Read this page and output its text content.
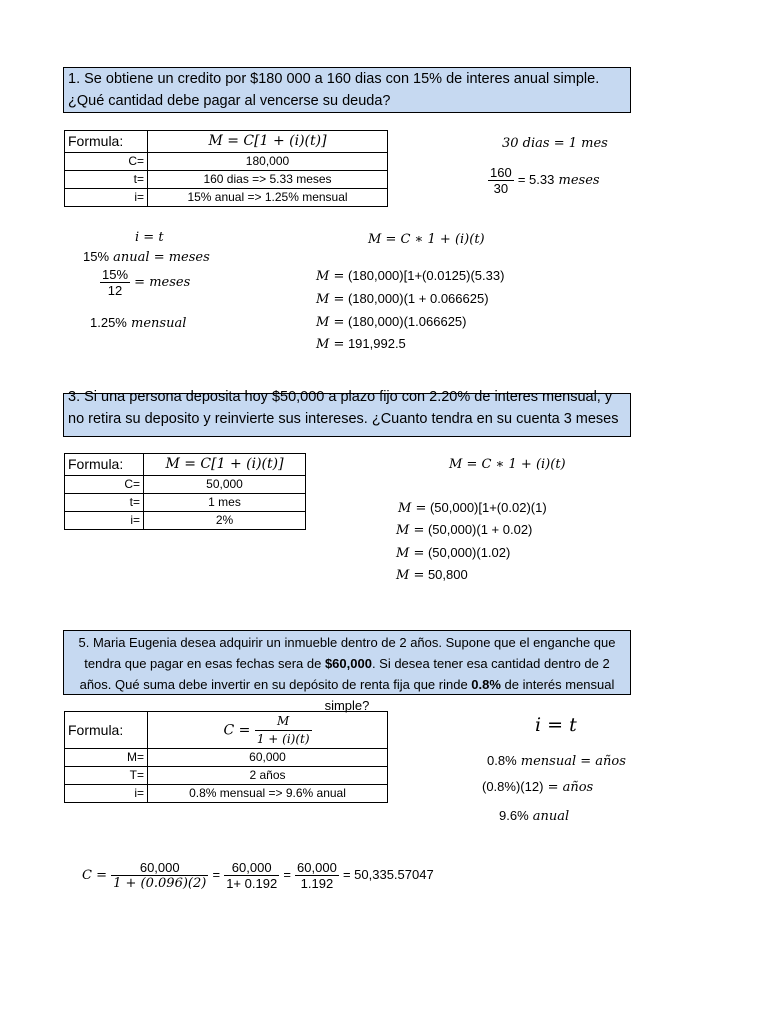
1. Se obtiene un credito por $180 000 a 160 dias con 15% de interes anual simple. ¿Qué cantidad debe pagar al vencerse su deuda?
Formula:	M = C[1 + (i)(t)]
C=	180,000
t=	160 dias => 5.33 meses
i=	15% anual => 1.25% mensual
30 dias = 1 mes
$\frac{160}{30} = 5.33$ meses
i = t
15% anual = meses
$\frac{15\%}{12}$ = meses
1.25% mensual
M = C ∗ 1 + (i)(t)
M = (180,000)[1+(0.0125)(5.33)
M = (180,000)(1 + 0.066625)
M = (180,000)(1.066625)
M = 191,992.5
3. Si una persona deposita hoy $50,000 a plazo fijo con 2.20% de interes mensual, y no retira su deposito y reinvierte sus intereses. ¿Cuanto tendra en su cuenta 3 meses
Formula:	M = C[1 + (i)(t)]
C=	50,000
t=	1 mes
i=	2%
M = C ∗ 1 + (i)(t)
M = (50,000)[1+(0.02)(1)
M = (50,000)(1 + 0.02)
M = (50,000)(1.02)
M = 50,800
5. Maria Eugenia desea adquirir un inmueble dentro de 2 años. Supone que el enganche que tendra que pagar en esas fechas sera de $60,000. Si desea tener esa cantidad dentro de 2 años. Qué suma debe invertir en su depósito de renta fija que rinde 0.8% de interés mensual simple?
Formula:	$C = \frac{M}{1 + (i)(t)}$

M=	60,000
T=	2 años
i=	0.8% mensual => 9.6% anual
i = t
0.8% mensual = años
(0.8%)(12) = años
9.6% anual
$C = \frac{60,000}{1 + (0.096)(2)} = \frac{60,000}{1+ 0.192} = \frac{60,000}{1.192} = 50,335.57047$
